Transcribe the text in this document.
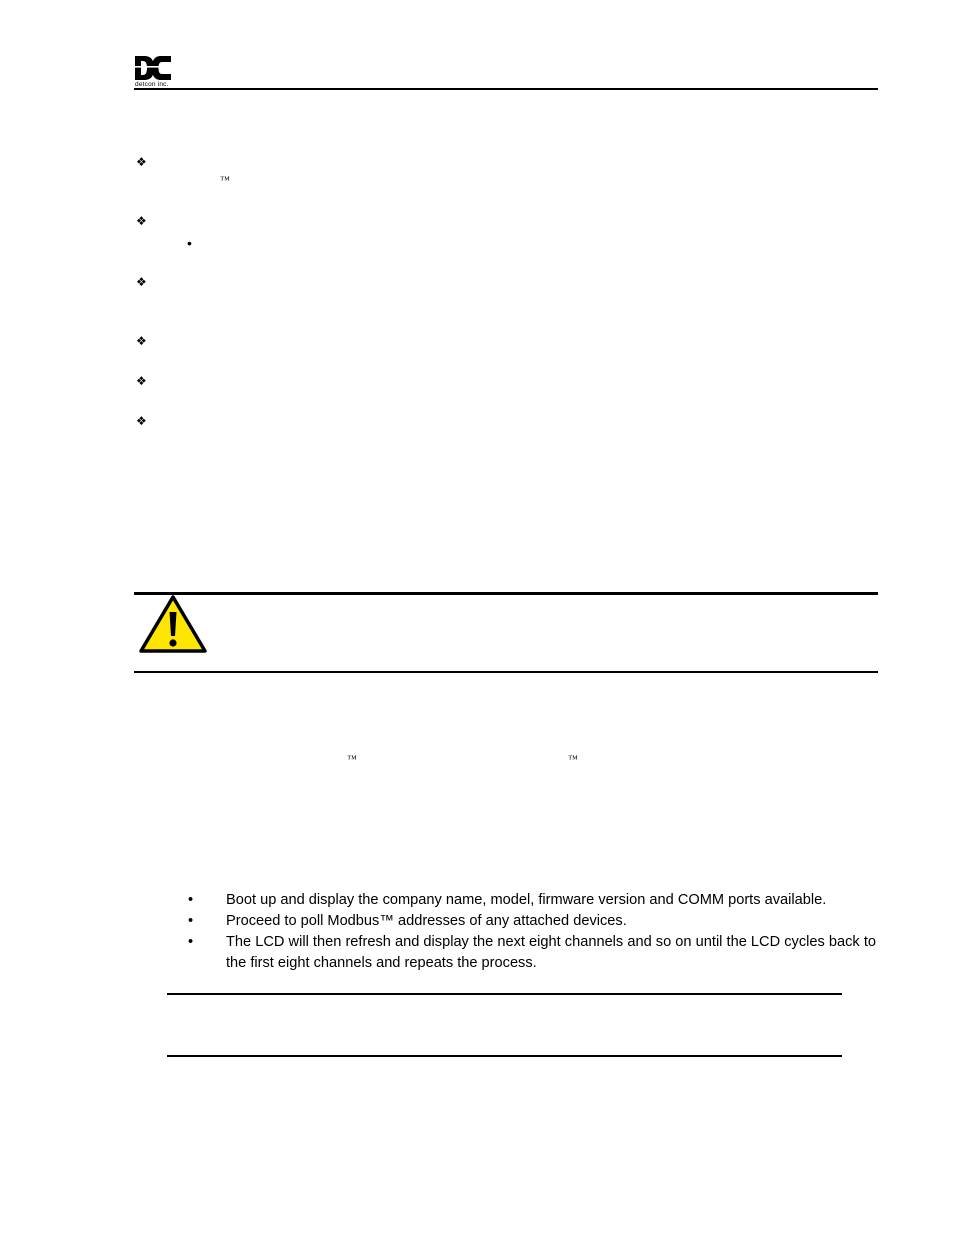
detcon inc.
❖
™
❖
•
❖
❖
❖
❖
™	™
• Boot up and display the company name, model, firmware version and COMM ports available.
• Proceed to poll Modbus™ addresses of any attached devices.
• The LCD will then refresh and display the next eight channels and so on until the LCD cycles back to the first eight channels and repeats the process.
